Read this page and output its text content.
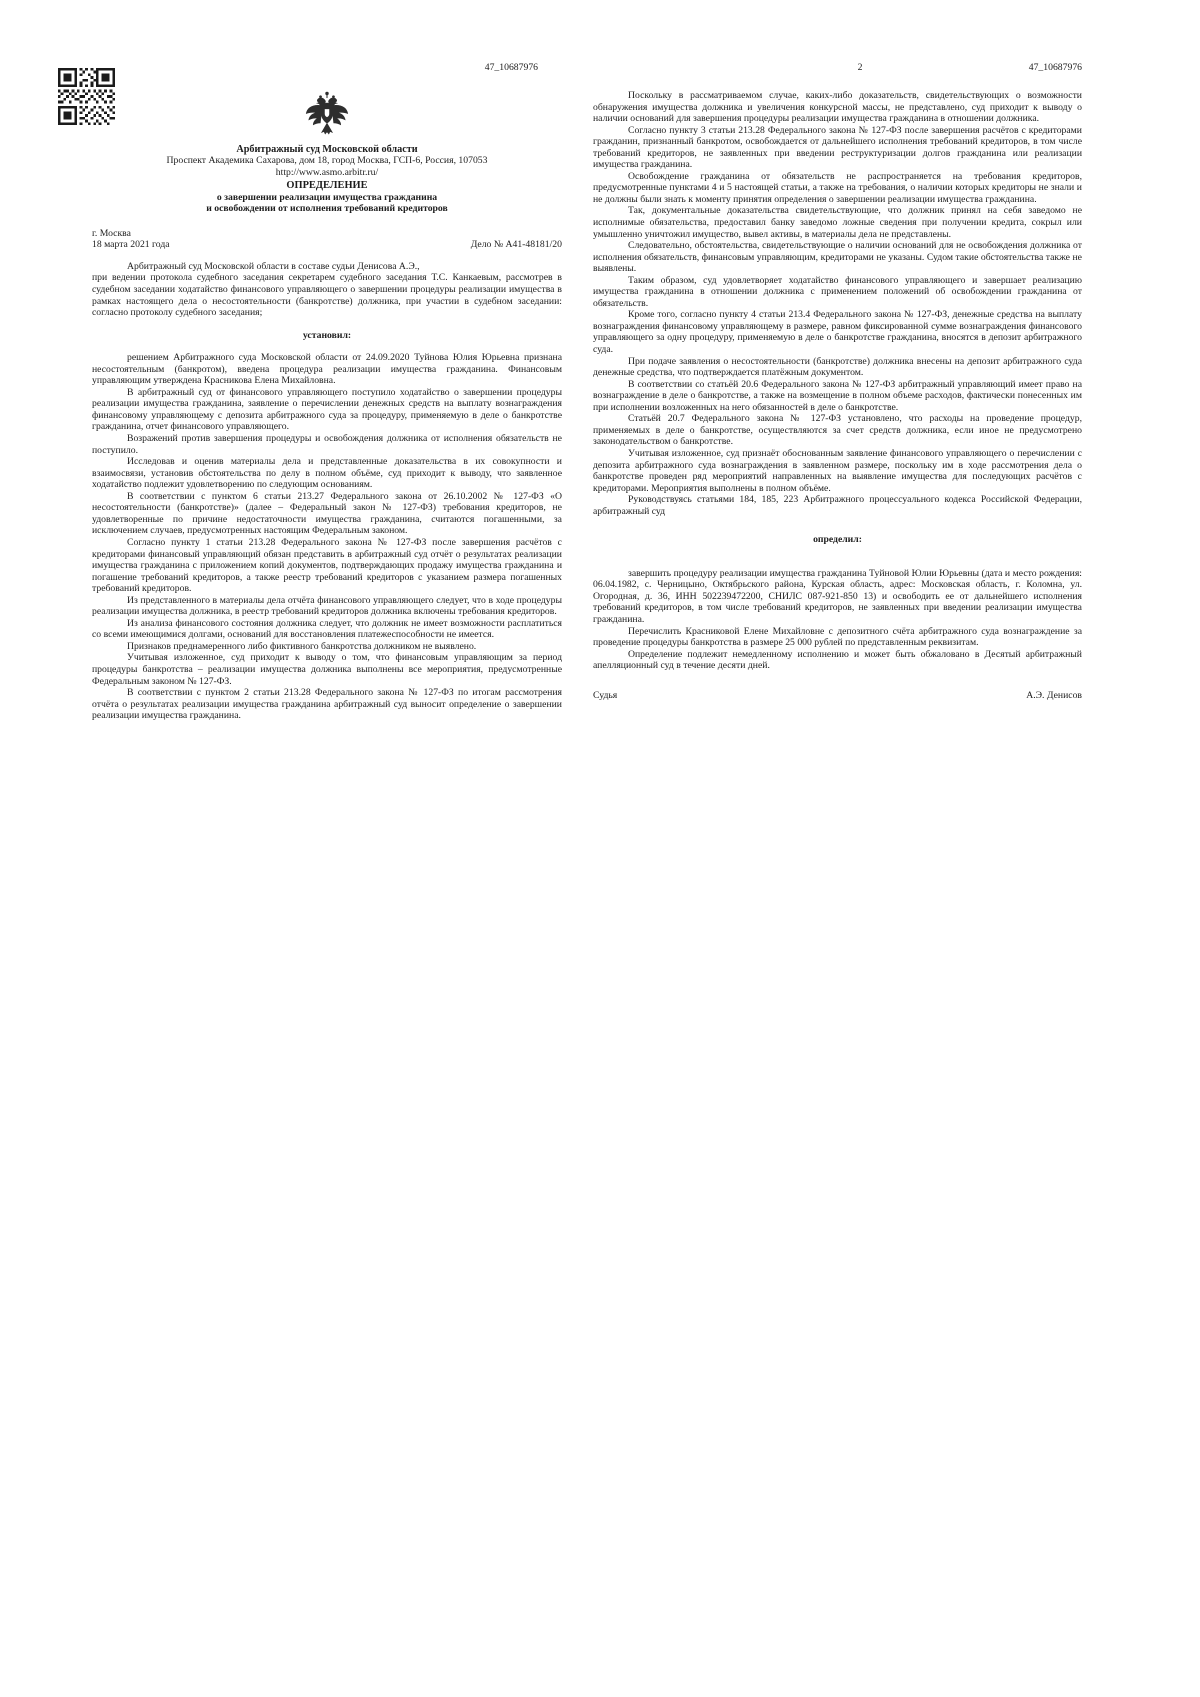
47_10687976
Арбитражный суд Московской области
Проспект Академика Сахарова, дом 18, город Москва, ГСП-6, Россия, 107053
http://www.asmo.arbitr.ru/
ОПРЕДЕЛЕНИЕ
о завершении реализации имущества гражданина
и освобождении от исполнения требований кредиторов
г. Москва
18 марта 2021 года	Дело № А41-48181/20

Арбитражный суд Московской области в составе судьи Денисова А.Э.,

при ведении протокола судебного заседания секретарем судебного заседания Т.С. Канкаевым, рассмотрев в судебном заседании ходатайство финансового управляющего о завершении процедуры реализации имущества в рамках настоящего дела о несостоятельности (банкротстве) должника, при участии в судебном заседании: согласно протоколу судебного заседания;

установил:

решением Арбитражного суда Московской области от 24.09.2020 Туйнова Юлия Юрьевна признана несостоятельным (банкротом), введена процедура реализации имущества гражданина. Финансовым управляющим утверждена Красникова Елена Михайловна.

В арбитражный суд от финансового управляющего поступило ходатайство о завершении процедуры реализации имущества гражданина, заявление о перечислении денежных средств на выплату вознаграждения финансовому управляющему с депозита арбитражного суда за процедуру, применяемую в деле о банкротстве гражданина, отчет финансового управляющего.

Возражений против завершения процедуры и освобождения должника от исполнения обязательств не поступило.

Исследовав и оценив материалы дела и представленные доказательства в их совокупности и взаимосвязи, установив обстоятельства по делу в полном объёме, суд приходит к выводу, что заявленное ходатайство подлежит удовлетворению по следующим основаниям.

В соответствии с пунктом 6 статьи 213.27 Федерального закона от 26.10.2002 № 127-ФЗ «О несостоятельности (банкротстве)» (далее – Федеральный закон № 127-ФЗ) требования кредиторов, не удовлетворенные по причине недостаточности имущества гражданина, считаются погашенными, за исключением случаев, предусмотренных настоящим Федеральным законом.

Согласно пункту 1 статьи 213.28 Федерального закона № 127-ФЗ после завершения расчётов с кредиторами финансовый управляющий обязан представить в арбитражный суд отчёт о результатах реализации имущества гражданина с приложением копий документов, подтверждающих продажу имущества гражданина и погашение требований кредиторов, а также реестр требований кредиторов с указанием размера погашенных требований кредиторов.

Из представленного в материалы дела отчёта финансового управляющего следует, что в ходе процедуры реализации имущества должника, в реестр требований кредиторов должника включены требования кредиторов.

Из анализа финансового состояния должника следует, что должник не имеет возможности расплатиться со всеми имеющимися долгами, оснований для восстановления платежеспособности не имеется.

Признаков преднамеренного либо фиктивного банкротства должником не выявлено.

Учитывая изложенное, суд приходит к выводу о том, что финансовым управляющим за период процедуры банкротства – реализации имущества должника выполнены все мероприятия, предусмотренные Федеральным законом № 127-ФЗ.

В соответствии с пунктом 2 статьи 213.28 Федерального закона № 127-ФЗ по итогам рассмотрения отчёта о результатах реализации имущества гражданина арбитражный суд выносит определение о завершении реализации имущества гражданина.

2	47_10687976

Поскольку в рассматриваемом случае, каких-либо доказательств, свидетельствующих о возможности обнаружения имущества должника и увеличения конкурсной массы, не представлено, суд приходит к выводу о наличии оснований для завершения процедуры реализации имущества гражданина в отношении должника.

Согласно пункту 3 статьи 213.28 Федерального закона № 127-ФЗ после завершения расчётов с кредиторами гражданин, признанный банкротом, освобождается от дальнейшего исполнения требований кредиторов, в том числе требований кредиторов, не заявленных при введении реструктуризации долгов гражданина или реализации имущества гражданина.

Освобождение гражданина от обязательств не распространяется на требования кредиторов, предусмотренные пунктами 4 и 5 настоящей статьи, а также на требования, о наличии которых кредиторы не знали и не должны были знать к моменту принятия определения о завершении реализации имущества гражданина.

Так, документальные доказательства свидетельствующие, что должник принял на себя заведомо не исполнимые обязательства, предоставил банку заведомо ложные сведения при получении кредита, сокрыл или умышленно уничтожил имущество, вывел активы, в материалы дела не представлены.

Следовательно, обстоятельства, свидетельствующие о наличии оснований для не освобождения должника от исполнения обязательств, финансовым управляющим, кредиторами не указаны. Судом такие обстоятельства также не выявлены.

Таким образом, суд удовлетворяет ходатайство финансового управляющего и завершает реализацию имущества гражданина в отношении должника с применением положений об освобождении гражданина от обязательств.

Кроме того, согласно пункту 4 статьи 213.4 Федерального закона № 127-ФЗ, денежные средства на выплату вознаграждения финансовому управляющему в размере, равном фиксированной сумме вознаграждения финансового управляющего за одну процедуру, применяемую в деле о банкротстве гражданина, вносятся в депозит арбитражного суда.

При подаче заявления о несостоятельности (банкротстве) должника внесены на депозит арбитражного суда денежные средства, что подтверждается платёжным документом.

В соответствии со статьёй 20.6 Федерального закона № 127-ФЗ арбитражный управляющий имеет право на вознаграждение в деле о банкротстве, а также на возмещение в полном объеме расходов, фактически понесенных им при исполнении возложенных на него обязанностей в деле о банкротстве.

Статьёй 20.7 Федерального закона № 127-ФЗ установлено, что расходы на проведение процедур, применяемых в деле о банкротстве, осуществляются за счет средств должника, если иное не предусмотрено законодательством о банкротстве.

Учитывая изложенное, суд признаёт обоснованным заявление финансового управляющего о перечислении с депозита арбитражного суда вознаграждения в заявленном размере, поскольку им в ходе рассмотрения дела о банкротстве проведен ряд мероприятий направленных на выявление имущества для последующих расчётов с кредиторами. Мероприятия выполнены в полном объёме.

Руководствуясь статьями 184, 185, 223 Арбитражного процессуального кодекса Российской Федерации, арбитражный суд

определил:

завершить процедуру реализации имущества гражданина Туйновой Юлии Юрьевны (дата и место рождения: 06.04.1982, с. Черницыно, Октябрьского района, Курская область, адрес: Московская область, г. Коломна, ул. Огородная, д. 36, ИНН 502239472200, СНИЛС 087-921-850 13) и освободить ее от дальнейшего исполнения требований кредиторов, в том числе требований кредиторов, не заявленных при введении реализации имущества гражданина.

Перечислить Красниковой Елене Михайловне с депозитного счёта арбитражного суда вознаграждение за проведение процедуры банкротства в размере 25 000 рублей по представленным реквизитам.

Определение подлежит немедленному исполнению и может быть обжаловано в Десятый арбитражный апелляционный суд в течение десяти дней.

Судья	А.Э. Денисов
